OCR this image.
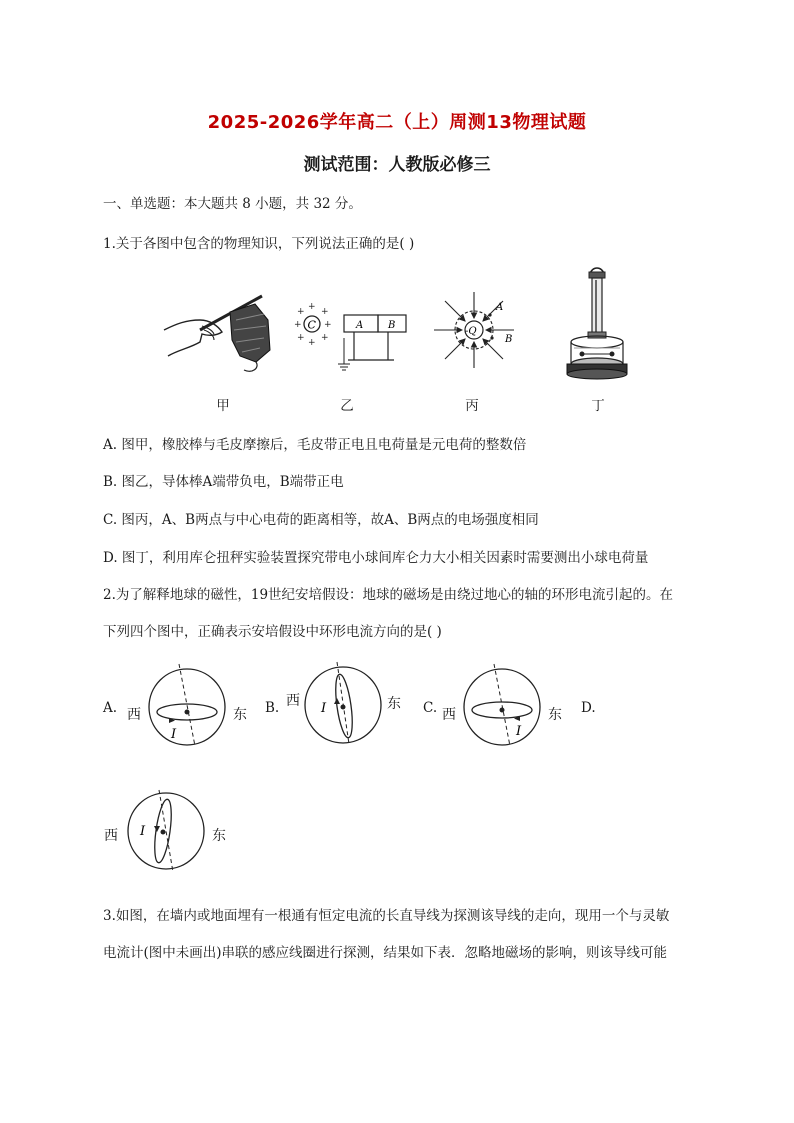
2025-2026学年高二（上）周测13物理试题
测试范围：人教版必修三
一、单选题：本大题共 8 小题，共 32 分。
1.关于各图中包含的物理知识，下列说法正确的是( )
甲
C
+
+
+ +
+ +
+ +
A B
乙
-Q
A
B
丙	丁
A. 图甲，橡胶棒与毛皮摩擦后，毛皮带正电且电荷量是元电荷的整数倍
B. 图乙，导体棒A端带负电，B端带正电
C. 图丙，A、B两点与中心电荷的距离相等，故A、B两点的电场强度相同
D. 图丁，利用库仑扭秤实验装置探究带电小球间库仑力大小相关因素时需要测出小球电荷量
2.为了解释地球的磁性，19世纪安培假设：地球的磁场是由绕过地心的轴的环形电流引起的。在
下列四个图中，正确表示安培假设中环形电流方向的是( )
A. 西
I
东 B. 西 I	东 C. 西
I
东 D.
西 I	东
3.如图，在墙内或地面埋有一根通有恒定电流的长直导线为探测该导线的走向，现用一个与灵敏
电流计(图中未画出)串联的感应线圈进行探测，结果如下表．忽略地磁场的影响，则该导线可能
